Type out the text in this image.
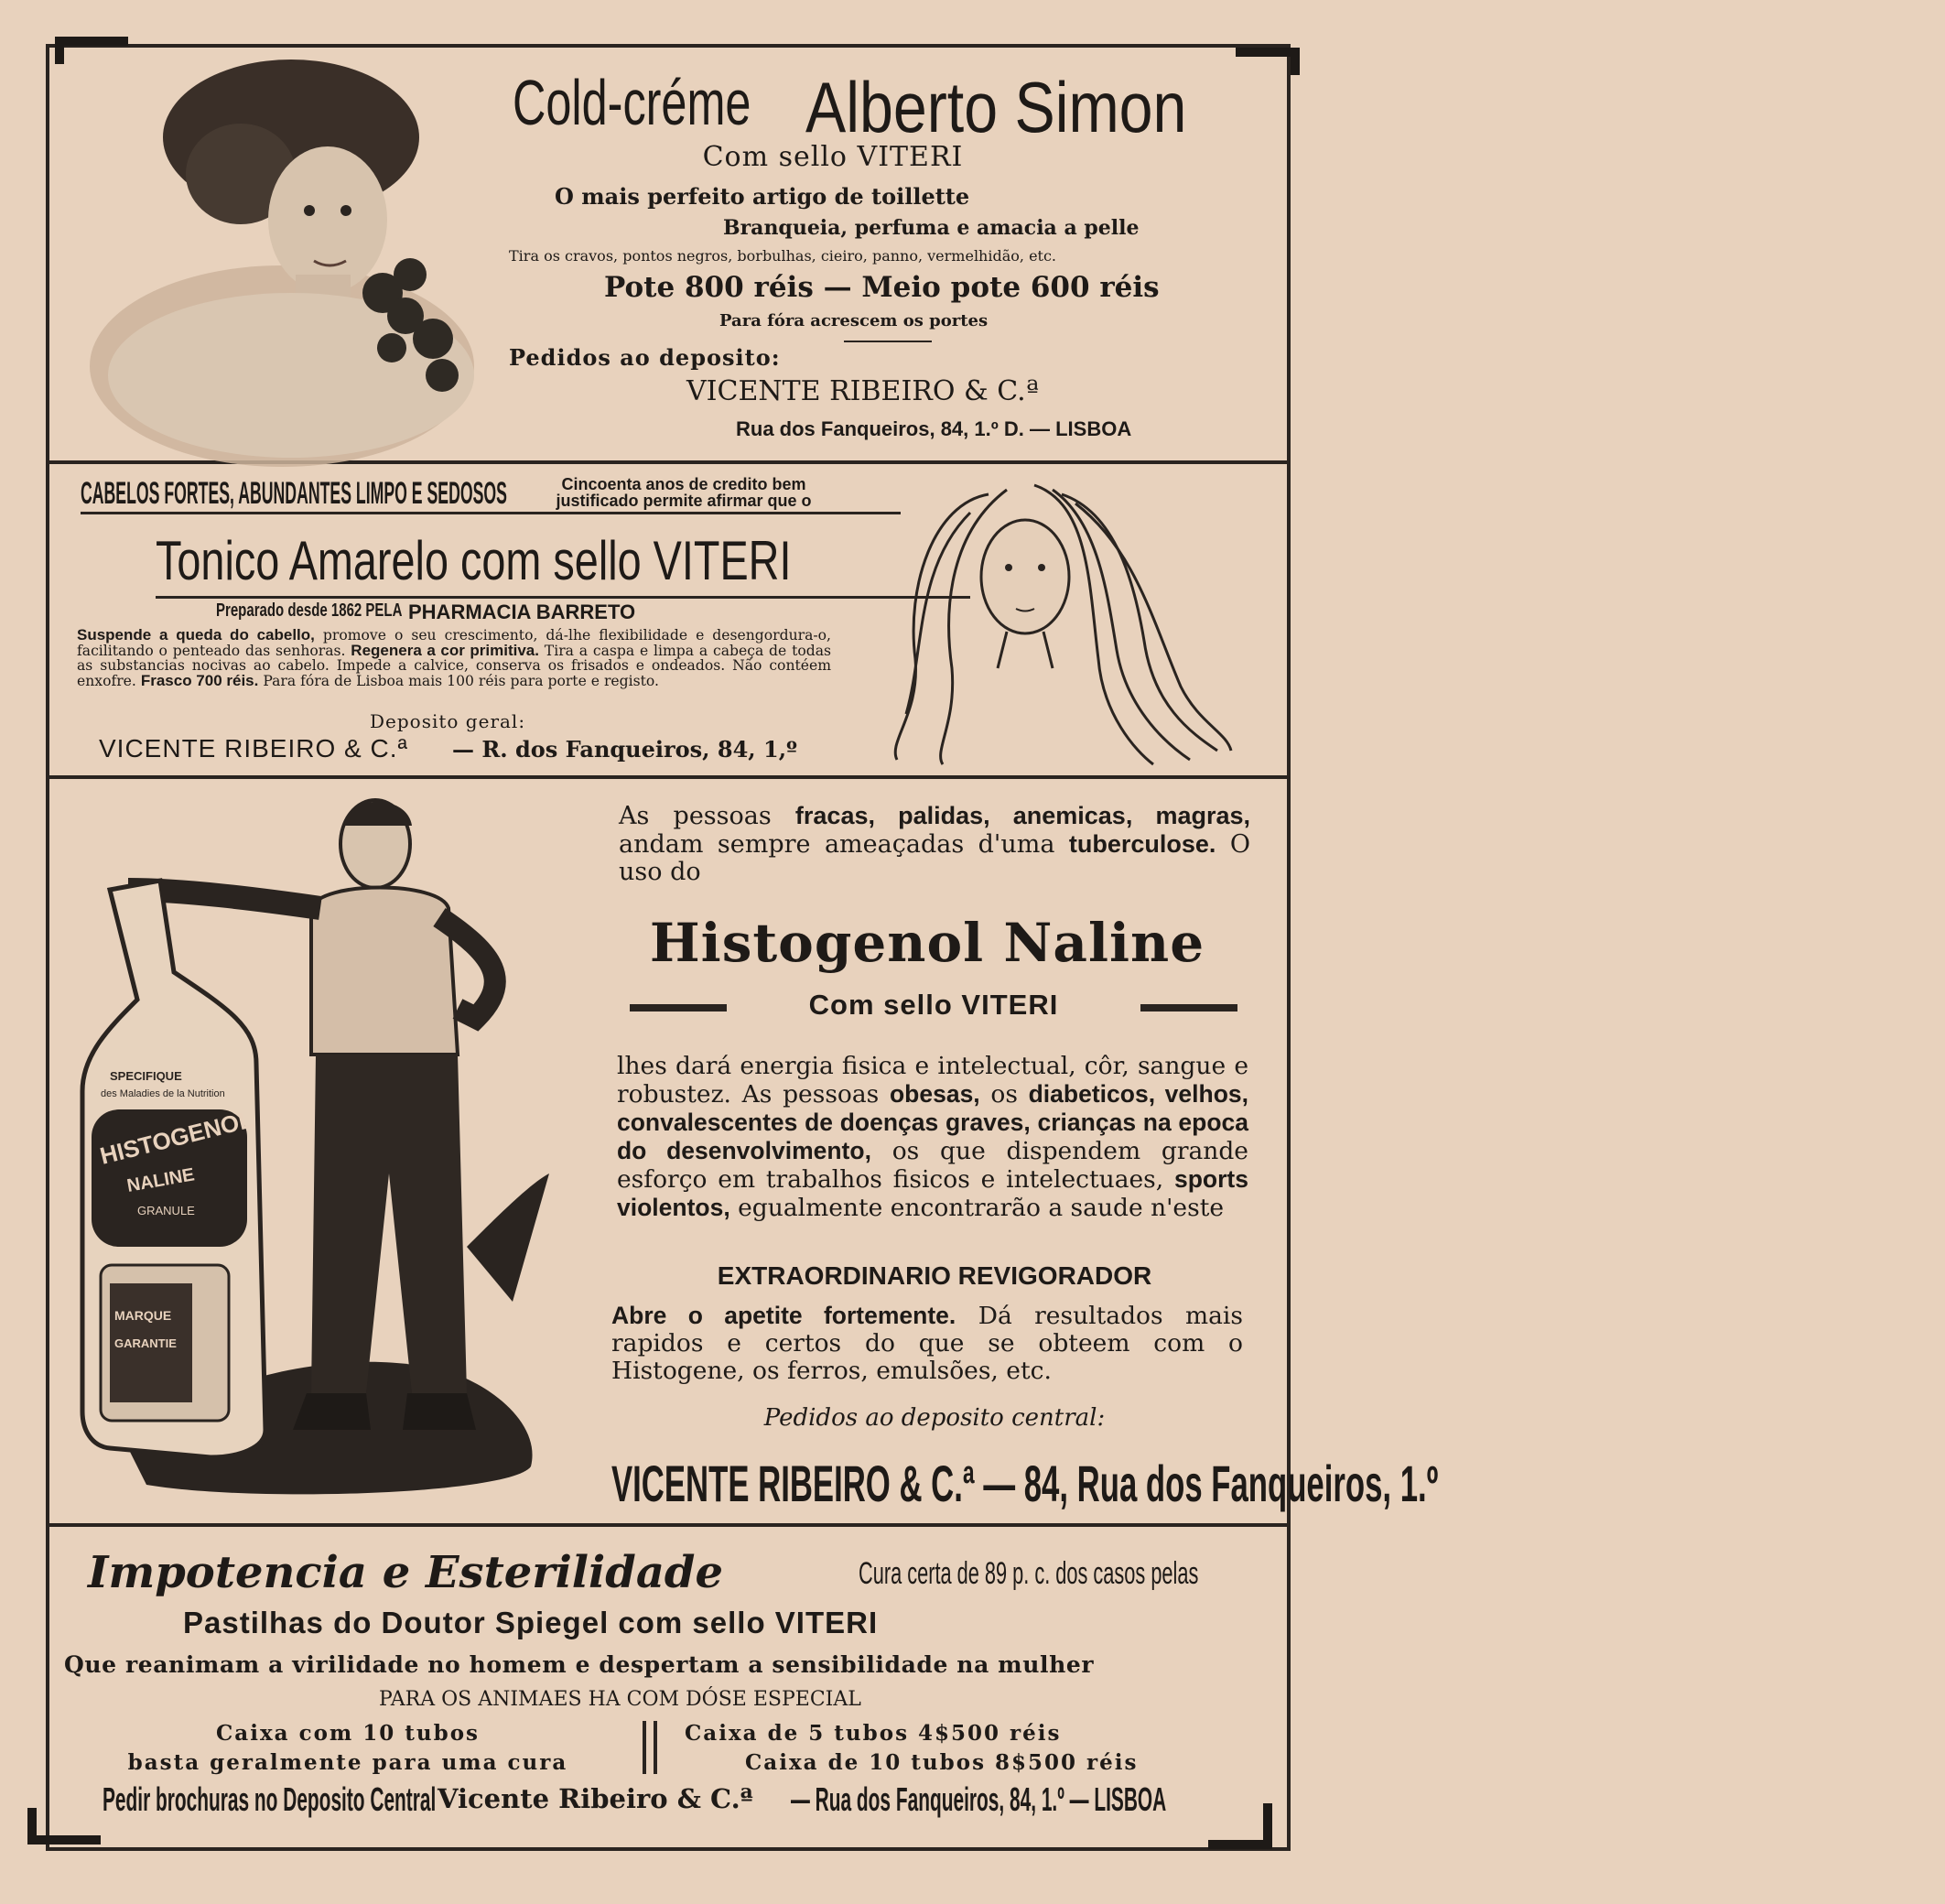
Cold-créme Alberto Simon
Com sello VITERI
O mais perfeito artigo de toillette
Branqueia, perfuma e amacia a pelle
Tira os cravos, pontos negros, borbulhas, cieiro, panno, vermelhidão, etc.
Pote 800 réis — Meio pote 600 réis
Para fóra acrescem os portes
Pedidos ao deposito:
VICENTE RIBEIRO & C.ª
Rua dos Fanqueiros, 84, 1.º D. — LISBOA
CABELOS FORTES, ABUNDANTES LIMPO E SEDOSOS	Cincoenta anos de credito bem justificado permite afirmar que o
Tonico Amarelo com sello VITERI
Preparado desde 1862 PELA PHARMACIA BARRETO
Suspende a queda do cabello, promove o seu crescimento, dá-lhe flexibilidade e desengordura-o, facilitando o penteado das senhoras. Regenera a cor primitiva. Tira a caspa e limpa a cabeça de todas as substancias nocivas ao cabelo. Impede a calvice, conserva os frisados e ondeados. Não contéem enxofre. Frasco 700 réis. Para fóra de Lisboa mais 100 réis para porte e registo.
Deposito geral:
VICENTE RIBEIRO & C.ª — R. dos Fanqueiros, 84, 1,º
SPECIFIQUE
des Maladies de la Nutrition
HISTOGENOL
NALINE
GRANULE
MARQUE
GARANTIE
As pessoas fracas, palidas, anemicas, magras, andam sempre ameaçadas d'uma tuberculose. O uso do
Histogenol Naline
Com sello VITERI
lhes dará energia fisica e intelectual, côr, sangue e robustez. As pessoas obesas, os diabeticos, velhos, convalescentes de doenças graves, crianças na epoca do desenvolvimento, os que dispendem grande esforço em trabalhos fisicos e intelectuaes, sports violentos, egualmente encontrarão a saude n'este
EXTRAORDINARIO REVIGORADOR
Abre o apetite fortemente. Dá resultados mais rapidos e certos do que se obteem com o Histogene, os ferros, emulsões, etc.
Pedidos ao deposito central:
VICENTE RIBEIRO & C.ª — 84, Rua dos Fanqueiros, 1.º
Impotencia e Esterilidade	Cura certa de 89 p. c. dos casos pelas
Pastilhas do Doutor Spiegel com sello VITERI
Que reanimam a virilidade no homem e despertam a sensibilidade na mulher
PARA OS ANIMAES HA COM DÓSE ESPECIAL
Caixa com 10 tubos
basta geralmente para uma cura
Caixa de 5 tubos 4$500 réis
Caixa de 10 tubos 8$500 réis
Pedir brochuras no Deposito Central Vicente Ribeiro & C.ª — Rua dos Fanqueiros, 84, 1.º — LISBOA
